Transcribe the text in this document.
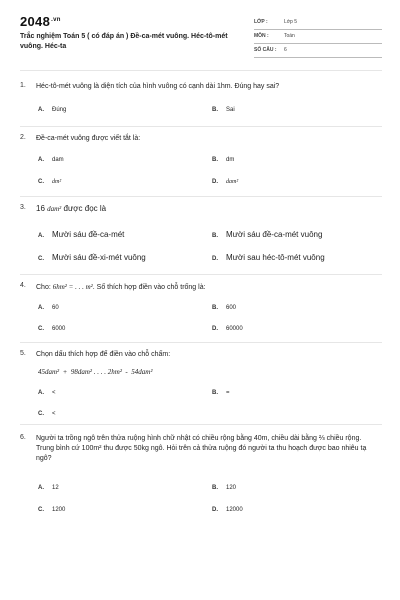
$2048^{.vn}$
Trắc nghiệm Toán 5 ( có đáp án ) Đề-ca-mét vuông. Héc-tô-mét vuông. Héc-ta
LỚP :	Lớp 5
MÔN :	Toán
SỐ CÂU : 6
1. Héc-tô-mét vuông là diện tích của hình vuông có cạnh dài 1hm. Đúng hay sai?
A. Đúng	B. Sai
2. Đề-ca-mét vuông được viết tắt là:
A. dam	B. dm
C. dm²	D. dam²
3. 16 dam² được đọc là
A. Mười sáu đề-ca-mét	B. Mười sáu đề-ca-mét vuông
C. Mười sáu đề-xi-mét vuông	D. Mười sau héc-tô-mét vuông
4. Cho: 6hm² = . . . m². Số thích hợp điền vào chỗ trống là:
A. 60	B. 600
C. 6000	D. 60000
5. Chọn dấu thích hợp để điền vào chỗ chấm:
45dam²  +  98dam² . . . . 2hm²  -  54dam²
A. <	B. =
C. <
6. Người ta trồng ngô trên thửa ruộng hình chữ nhật có chiều rộng bằng 40m, chiều dài bằng ⅔ chiều rộng. Trung bình cứ 100m² thu được 50kg ngô. Hỏi trên cả thửa ruộng đó người ta thu hoạch được bao nhiêu tạ ngô?
A. 12	B. 120
C. 1200	D. 12000
